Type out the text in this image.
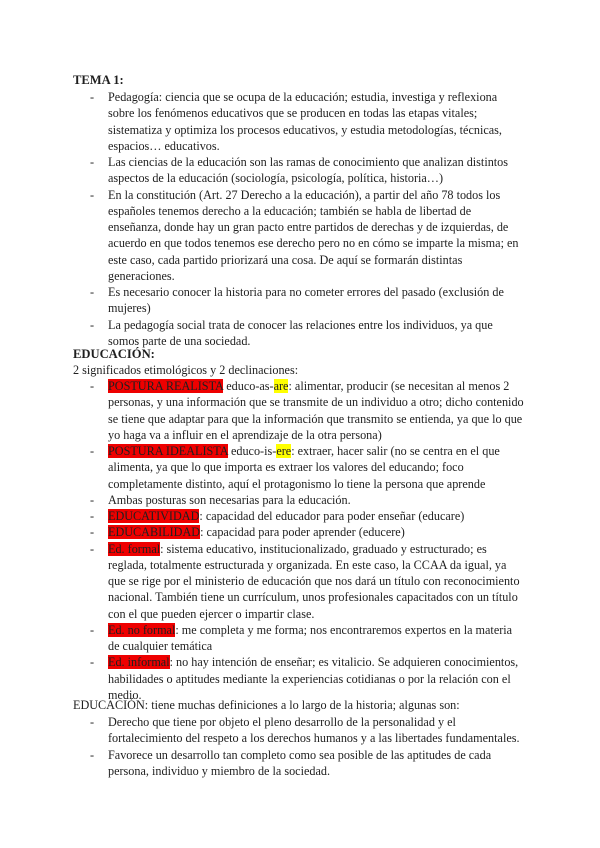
TEMA 1:
- Pedagogía: ciencia que se ocupa de la educación; estudia, investiga y reflexiona sobre los fenómenos educativos que se producen en todas las etapas vitales; sistematiza y optimiza los procesos educativos, y estudia metodologías, técnicas, espacios… educativos.
- Las ciencias de la educación son las ramas de conocimiento que analizan distintos aspectos de la educación (sociología, psicología, política, historia…)
- En la constitución (Art. 27 Derecho a la educación), a partir del año 78 todos los españoles tenemos derecho a la educación; también se habla de libertad de enseñanza, donde hay un gran pacto entre partidos de derechas y de izquierdas, de acuerdo en que todos tenemos ese derecho pero no en cómo se imparte la misma; en este caso, cada partido priorizará una cosa. De aquí se formarán distintas generaciones.
- Es necesario conocer la historia para no cometer errores del pasado (exclusión de mujeres)
- La pedagogía social trata de conocer las relaciones entre los individuos, ya que somos parte de una sociedad.
EDUCACIÓN:

2 significados etimológicos y 2 declinaciones:

- POSTURA REALISTA educo-as-are: alimentar, producir (se necesitan al menos 2 personas, y una información que se transmite de un individuo a otro; dicho contenido se tiene que adaptar para que la información que transmito se entienda, ya que lo que yo haga va a influir en el aprendizaje de la otra persona)
- POSTURA IDEALISTA educo-is-ere: extraer, hacer salir (no se centra en el que alimenta, ya que lo que importa es extraer los valores del educando; foco completamente distinto, aquí el protagonismo lo tiene la persona que aprende
- Ambas posturas son necesarias para la educación.
- EDUCATIVIDAD: capacidad del educador para poder enseñar (educare)
- EDUCABILIDAD: capacidad para poder aprender (educere)
- Ed. formal: sistema educativo, institucionalizado, graduado y estructurado; es reglada, totalmente estructurada y organizada. En este caso, la CCAA da igual, ya que se rige por el ministerio de educación que nos dará un título con reconocimiento nacional. También tiene un currículum, unos profesionales capacitados con un título con el que pueden ejercer o impartir clase.
- Ed. no formal: me completa y me forma; nos encontraremos expertos en la materia de cualquier temática
- Ed. informal: no hay intención de enseñar; es vitalicio. Se adquieren conocimientos, habilidades o aptitudes mediante la experiencias cotidianas o por la relación con el medio.

EDUCACIÓN: tiene muchas definiciones a lo largo de la historia; algunas son:

- Derecho que tiene por objeto el pleno desarrollo de la personalidad y el fortalecimiento del respeto a los derechos humanos y a las libertades fundamentales.
- Favorece un desarrollo tan completo como sea posible de las aptitudes de cada persona, individuo y miembro de la sociedad.
